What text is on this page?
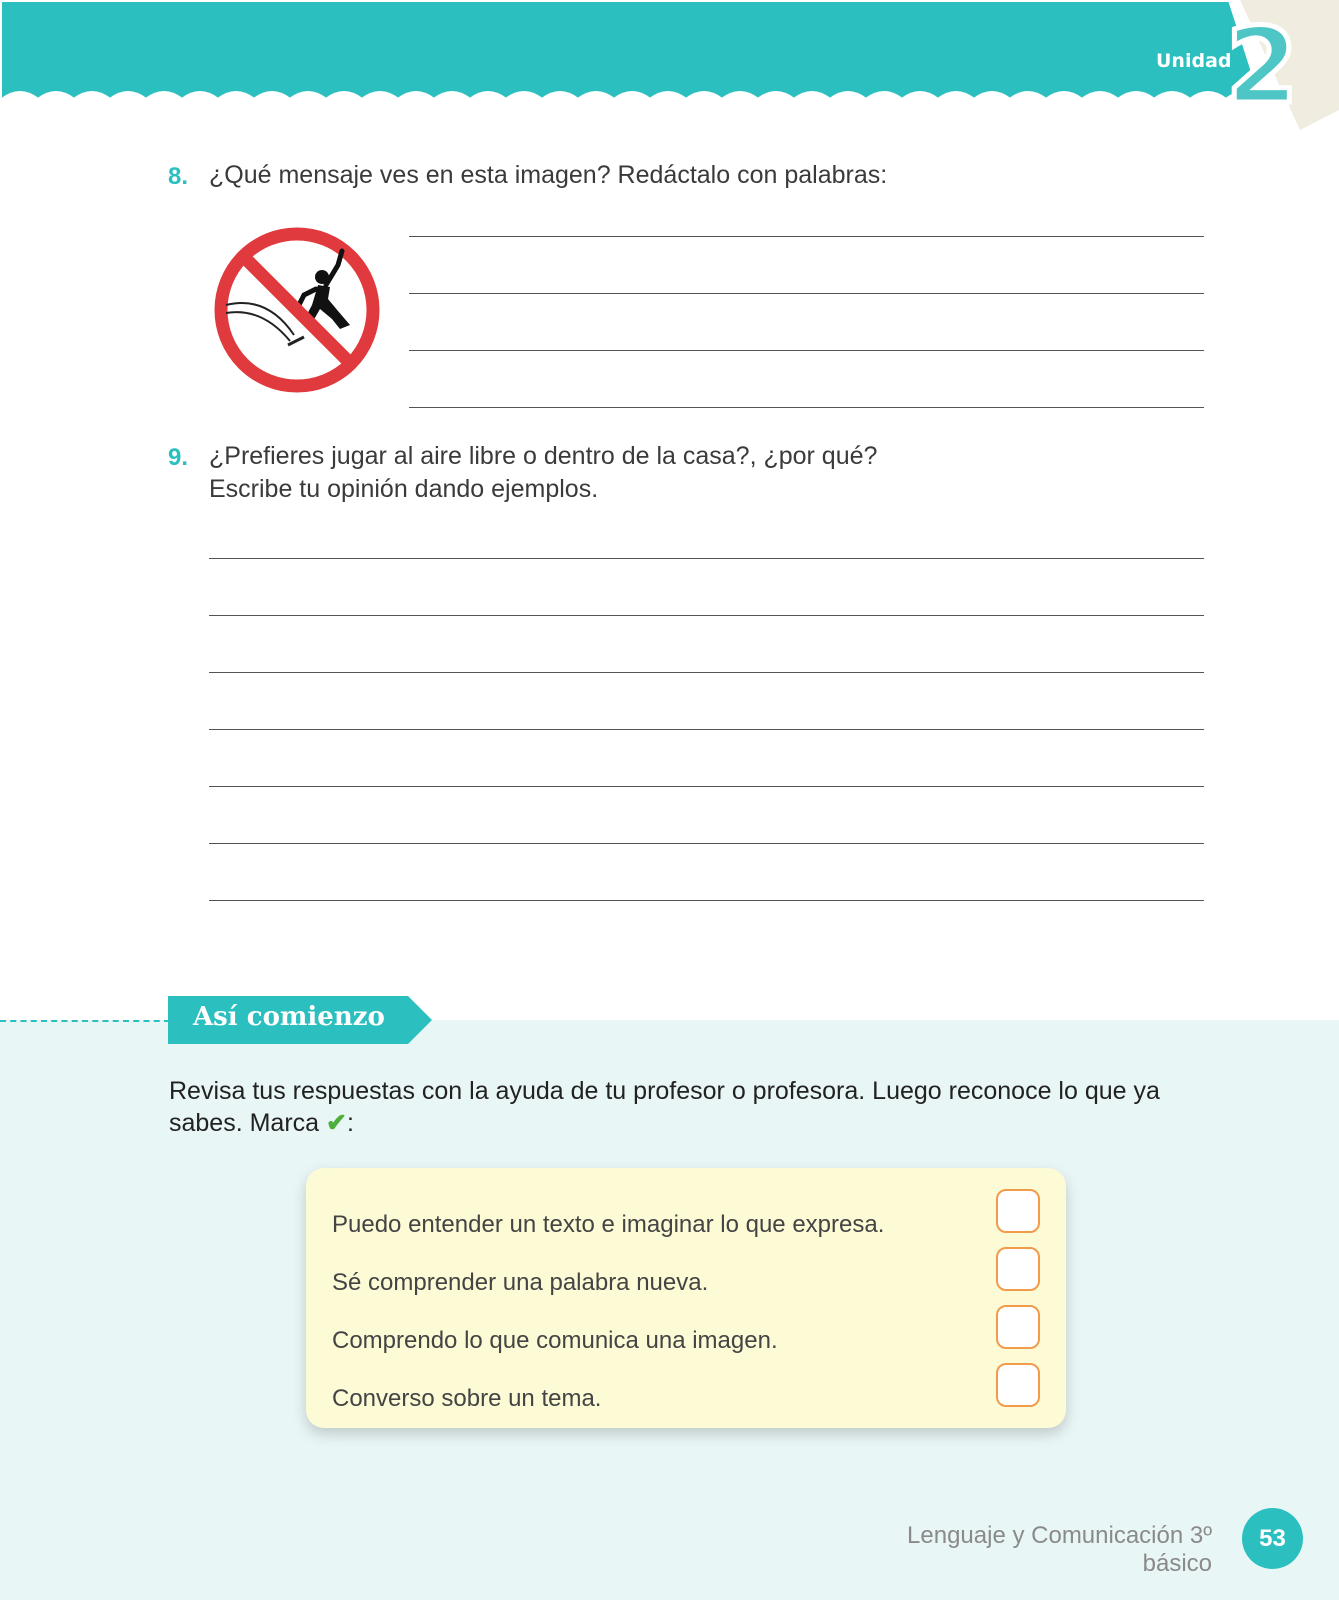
Unidad
2
8. ¿Qué mensaje ves en esta imagen? Redáctalo con palabras:
9. ¿Prefieres jugar al aire libre o dentro de la casa?, ¿por qué?
Escribe tu opinión dando ejemplos.
Así comienzo
Revisa tus respuestas con la ayuda de tu profesor o profesora. Luego reconoce lo que ya
sabes. Marca ✔:
Puedo entender un texto e imaginar lo que expresa.
Sé comprender una palabra nueva.
Comprendo lo que comunica una imagen.
Converso sobre un tema.
Lenguaje y Comunicación 3º básico
53
